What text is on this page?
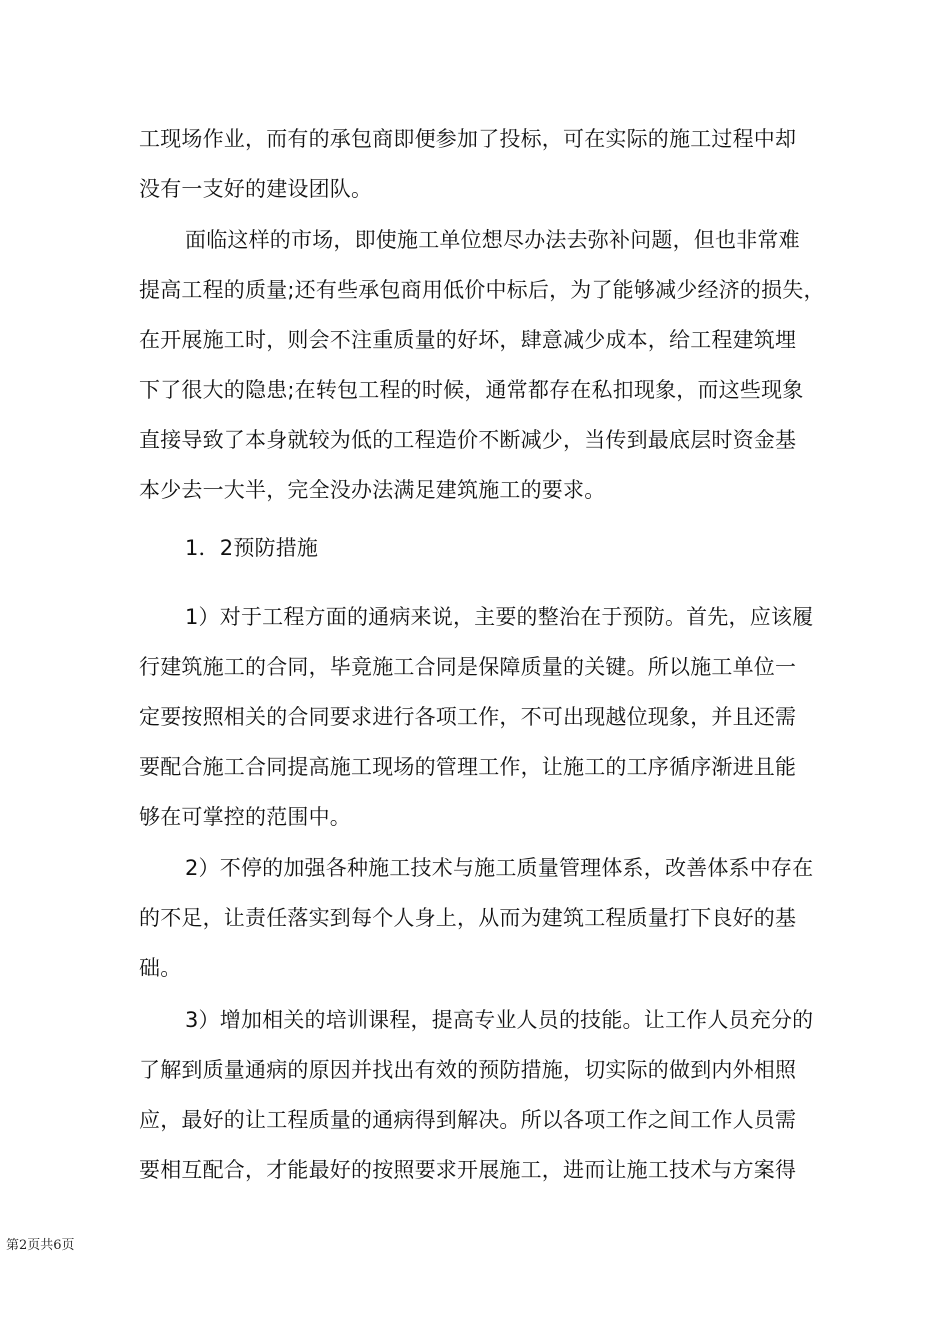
工现场作业，而有的承包商即便参加了投标，可在实际的施工过程中却
没有一支好的建设团队。
面临这样的市场，即使施工单位想尽办法去弥补问题，但也非常难
提高工程的质量;还有些承包商用低价中标后，为了能够减少经济的损失，
在开展施工时，则会不注重质量的好坏，肆意减少成本，给工程建筑埋
下了很大的隐患;在转包工程的时候，通常都存在私扣现象，而这些现象
直接导致了本身就较为低的工程造价不断减少，当传到最底层时资金基
本少去一大半，完全没办法满足建筑施工的要求。
1．2预防措施
1）对于工程方面的通病来说，主要的整治在于预防。首先，应该履
行建筑施工的合同，毕竟施工合同是保障质量的关键。所以施工单位一
定要按照相关的合同要求进行各项工作，不可出现越位现象，并且还需
要配合施工合同提高施工现场的管理工作，让施工的工序循序渐进且能
够在可掌控的范围中。
2）不停的加强各种施工技术与施工质量管理体系，改善体系中存在
的不足，让责任落实到每个人身上，从而为建筑工程质量打下良好的基
础。
3）增加相关的培训课程，提高专业人员的技能。让工作人员充分的
了解到质量通病的原因并找出有效的预防措施，切实际的做到内外相照
应，最好的让工程质量的通病得到解决。所以各项工作之间工作人员需
要相互配合，才能最好的按照要求开展施工，进而让施工技术与方案得
第2页共6页
